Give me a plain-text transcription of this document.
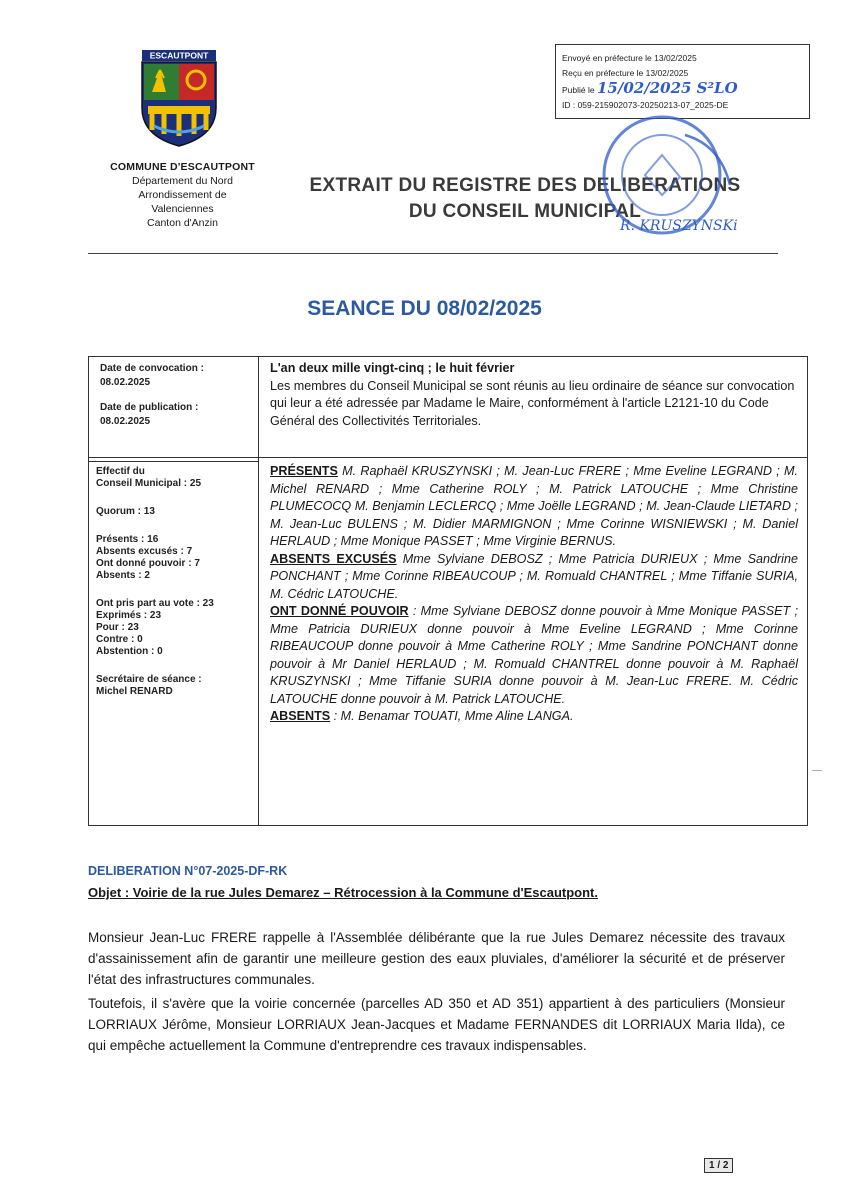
Envoyé en préfecture le 13/02/2025
Reçu en préfecture le 13/02/2025
Publié le 15/02/2025 S²LO
ID : 059-215902073-20250213-07_2025-DE
ESCAUTPONT
COMMUNE D'ESCAUTPONT
Département du Nord
Arrondissement de
Valenciennes
Canton d'Anzin
EXTRAIT DU REGISTRE DES DELIBERATIONS
DU CONSEIL MUNICIPAL
R. KRUSZYNSKi
SEANCE DU 08/02/2025
Date de convocation :
08.02.2025
Date de publication :
08.02.2025
L'an deux mille vingt-cinq ; le huit février
Les membres du Conseil Municipal se sont réunis au lieu ordinaire de séance sur convocation qui leur a été adressée par Madame le Maire, conformément à l'article L2121-10 du Code Général des Collectivités Territoriales.
Effectif du
Conseil Municipal : 25
Quorum : 13
Présents : 16
Absents excusés : 7
Ont donné pouvoir : 7
Absents : 2
Ont pris part au vote : 23
Exprimés : 23
Pour : 23
Contre : 0
Abstention : 0
Secrétaire de séance :
Michel RENARD
PRÉSENTS M. Raphaël KRUSZYNSKI ; M. Jean-Luc FRERE ; Mme Eveline LEGRAND ; M. Michel RENARD ; Mme Catherine ROLY ; M. Patrick LATOUCHE ; Mme Christine PLUMECOCQ M. Benjamin LECLERCQ ; Mme Joëlle LEGRAND ; M. Jean-Claude LIETARD ; M. Jean-Luc BULENS ; M. Didier MARMIGNON ; Mme Corinne WISNIEWSKI ; M. Daniel HERLAUD ; Mme Monique PASSET ; Mme Virginie BERNUS.
ABSENTS EXCUSÉS Mme Sylviane DEBOSZ ; Mme Patricia DURIEUX ; Mme Sandrine PONCHANT ; Mme Corinne RIBEAUCOUP ; M. Romuald CHANTREL ; Mme Tiffanie SURIA, M. Cédric LATOUCHE.
ONT DONNÉ POUVOIR : Mme Sylviane DEBOSZ donne pouvoir à Mme Monique PASSET ; Mme Patricia DURIEUX donne pouvoir à Mme Eveline LEGRAND ; Mme Corinne RIBEAUCOUP donne pouvoir à Mme Catherine ROLY ; Mme Sandrine PONCHANT donne pouvoir à Mr Daniel HERLAUD ; M. Romuald CHANTREL donne pouvoir à M. Raphaël KRUSZYNSKI ; Mme Tiffanie SURIA donne pouvoir à M. Jean-Luc FRERE. M. Cédric LATOUCHE donne pouvoir à M. Patrick LATOUCHE.
ABSENTS : M. Benamar TOUATI, Mme Aline LANGA.
DELIBERATION N°07-2025-DF-RK
Objet : Voirie de la rue Jules Demarez – Rétrocession à la Commune d'Escautpont.
Monsieur Jean-Luc FRERE rappelle à l'Assemblée délibérante que la rue Jules Demarez nécessite des travaux d'assainissement afin de garantir une meilleure gestion des eaux pluviales, d'améliorer la sécurité et de préserver l'état des infrastructures communales.
Toutefois, il s'avère que la voirie concernée (parcelles AD 350 et AD 351) appartient à des particuliers (Monsieur LORRIAUX Jérôme, Monsieur LORRIAUX Jean-Jacques et Madame FERNANDES dit LORRIAUX Maria Ilda), ce qui empêche actuellement la Commune d'entreprendre ces travaux indispensables.
1 / 2
